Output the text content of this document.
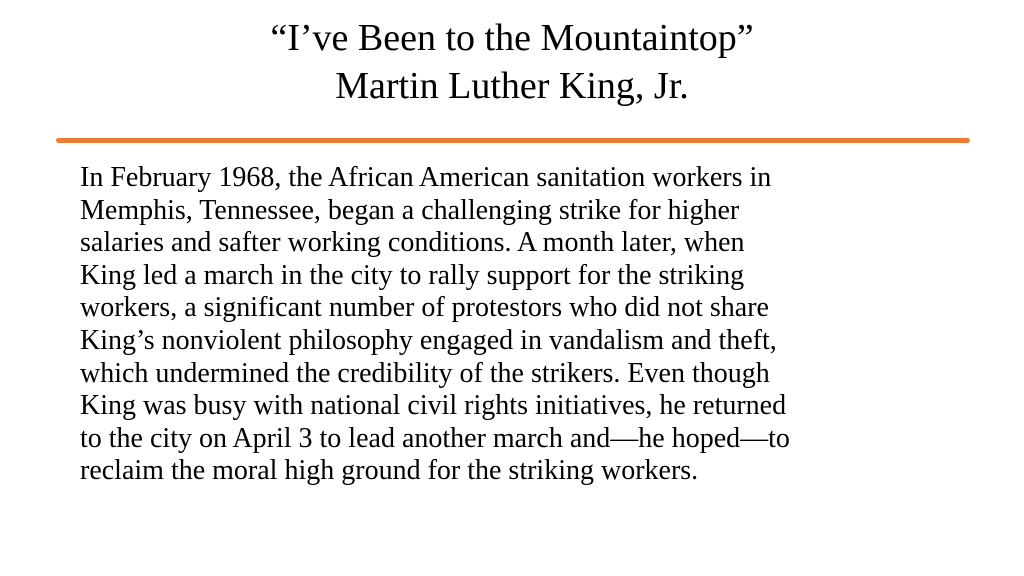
“I’ve Been to the Mountaintop”
Martin Luther King, Jr.

In February 1968, the African American sanitation workers in
Memphis, Tennessee, began a challenging strike for higher
salaries and safter working conditions. A month later, when
King led a march in the city to rally support for the striking
workers, a significant number of protestors who did not share
King’s nonviolent philosophy engaged in vandalism and theft,
which undermined the credibility of the strikers. Even though
King was busy with national civil rights initiatives, he returned
to the city on April 3 to lead another march and—he hoped—to
reclaim the moral high ground for the striking workers.
